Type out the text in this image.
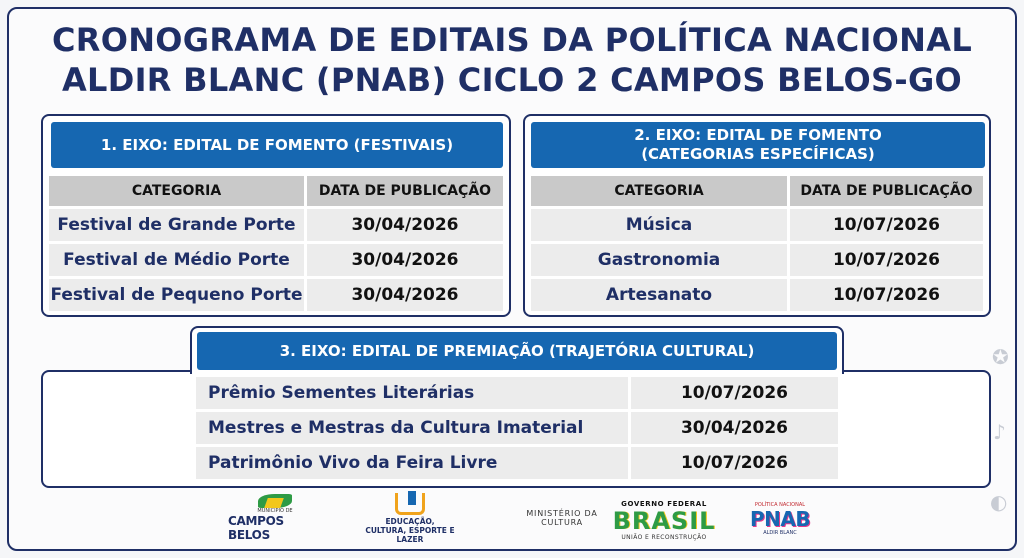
CRONOGRAMA DE EDITAIS DA POLÍTICA NACIONAL
ALDIR BLANC (PNAB) CICLO 2 CAMPOS BELOS-GO
✪
♪
◐
1. EIXO: EDITAL DE FOMENTO (FESTIVAIS)
CATEGORIA	DATA DE PUBLICAÇÃO
Festival de Grande Porte	30/04/2026
Festival de Médio Porte	30/04/2026
Festival de Pequeno Porte	30/04/2026
2. EIXO: EDITAL DE FOMENTO
(CATEGORIAS ESPECÍFICAS)
CATEGORIA	DATA DE PUBLICAÇÃO
Música	10/07/2026
Gastronomia	10/07/2026
Artesanato	10/07/2026
3. EIXO: EDITAL DE PREMIAÇÃO (TRAJETÓRIA CULTURAL)
Prêmio Sementes Literárias	10/07/2026
Mestres e Mestras da Cultura Imaterial	30/04/2026
Patrimônio Vivo da Feira Livre	10/07/2026
MUNICÍPIO DE
CAMPOS BELOS
EDUCAÇÃO, CULTURA, ESPORTE E LAZER
MINISTÉRIO DA
CULTURA
GOVERNO FEDERAL
BRASIL
UNIÃO E RECONSTRUÇÃO
POLÍTICA NACIONAL
PNAB
ALDIR BLANC
